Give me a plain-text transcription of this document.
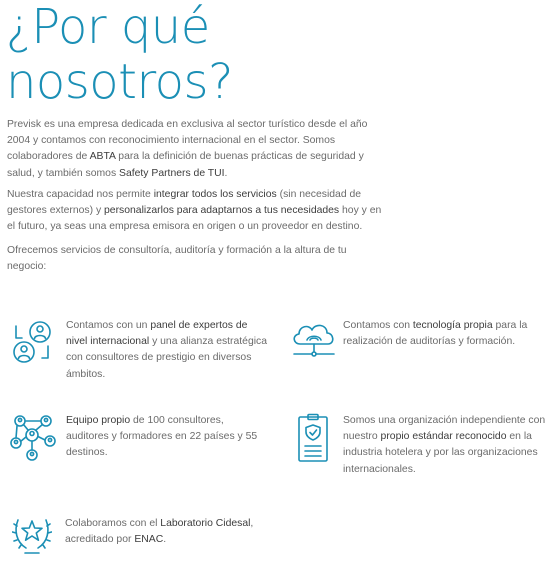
¿Por qué
nosotros?

Previsk es una empresa dedicada en exclusiva al sector turístico desde el año 2004 y contamos con reconocimiento internacional en el sector. Somos colaboradores de ABTA para la definición de buenas prácticas de seguridad y salud, y también somos Safety Partners de TUI.

Nuestra capacidad nos permite integrar todos los servicios (sin necesidad de gestores externos) y personalizarlos para adaptarnos a tus necesidades hoy y en el futuro, ya seas una empresa emisora en origen o un proveedor en destino.

Ofrecemos servicios de consultoría, auditoría y formación a la altura de tu negocio:

Contamos con un panel de expertos de nivel internacional y una alianza estratégica con consultores de prestigio en diversos ámbitos.

Contamos con tecnología propia para la realización de auditorías y formación.

Equipo propio de 100 consultores, auditores y formadores en 22 países y 55 destinos.

Somos una organización independiente con nuestro propio estándar reconocido en la industria hotelera y por las organizaciones internacionales.

Colaboramos con el Laboratorio Cidesal, acreditado por ENAC.
